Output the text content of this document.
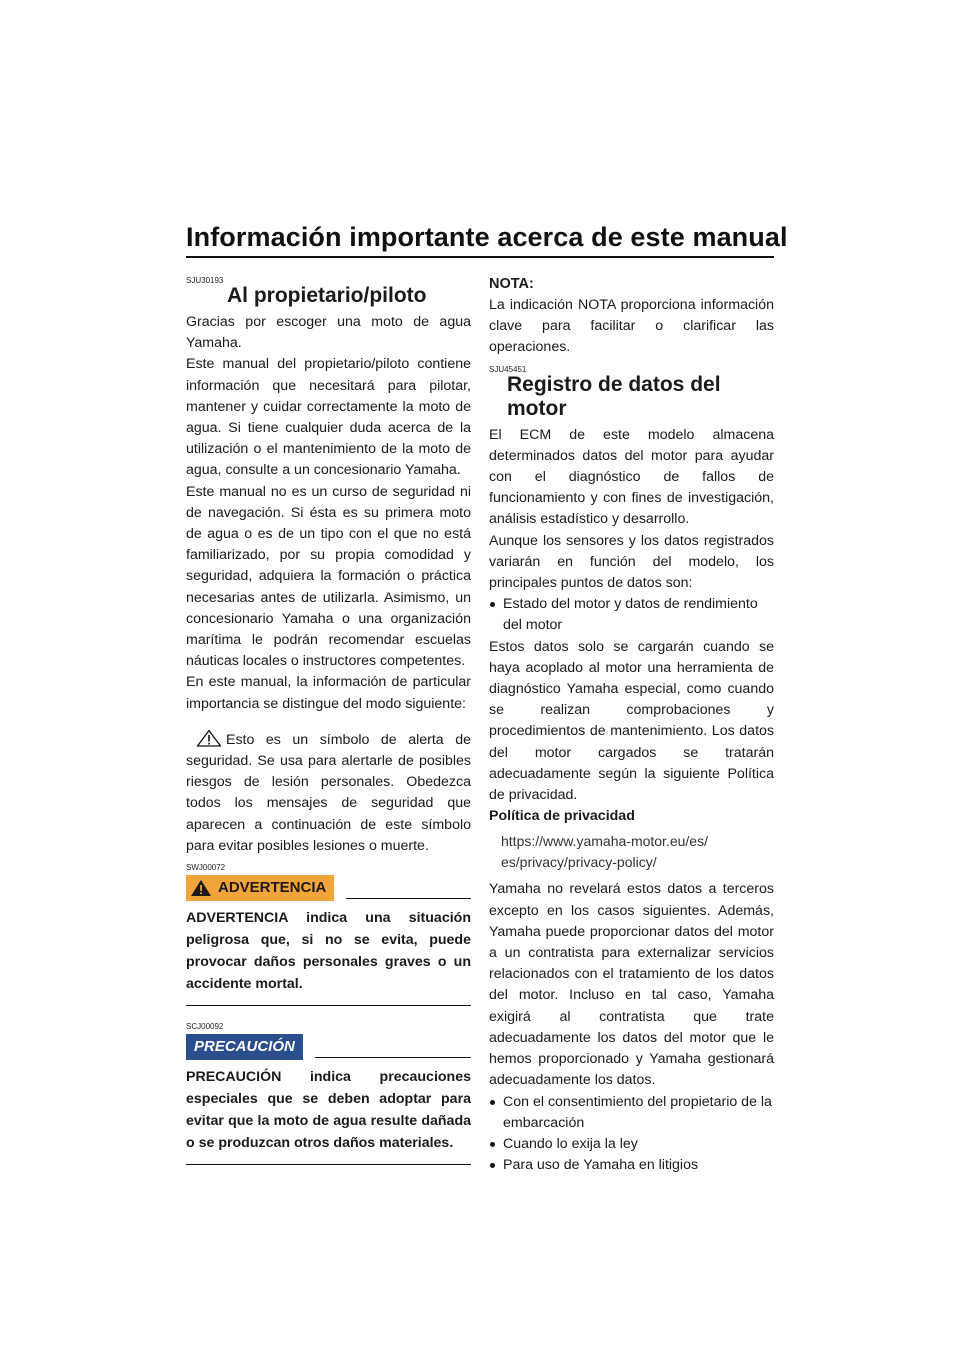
Información importante acerca de este manual
SJU30193
Al propietario/piloto

Gracias por escoger una moto de agua Yamaha.

Este manual del propietario/piloto contiene información que necesitará para pilotar, mantener y cuidar correctamente la moto de agua. Si tiene cualquier duda acerca de la utilización o el mantenimiento de la moto de agua, consulte a un concesionario Yamaha.

Este manual no es un curso de seguridad ni de navegación. Si ésta es su primera moto de agua o es de un tipo con el que no está familiarizado, por su propia comodidad y seguridad, adquiera la formación o práctica necesarias antes de utilizarla. Asimismo, un concesionario Yamaha o una organización marítima le podrán recomendar escuelas náuticas locales o instructores competentes.

En este manual, la información de particular importancia se distingue del modo siguiente:

Esto es un símbolo de alerta de seguridad. Se usa para alertarle de posibles riesgos de lesión personales. Obedezca todos los mensajes de seguridad que aparecen a continuación de este símbolo para evitar posibles lesiones o muerte.

SWJ00072
ADVERTENCIA

ADVERTENCIA indica una situación peligrosa que, si no se evita, puede provocar daños personales graves o un accidente mortal.

SCJ00092
PRECAUCIÓN

PRECAUCIÓN indica precauciones especiales que se deben adoptar para evitar que la moto de agua resulte dañada o se produzcan otros daños materiales.

NOTA:

La indicación NOTA proporciona información clave para facilitar o clarificar las operaciones.

SJU45451
Registro de datos del motor

El ECM de este modelo almacena determinados datos del motor para ayudar con el diagnóstico de fallos de funcionamiento y con fines de investigación, análisis estadístico y desarrollo.

Aunque los sensores y los datos registrados variarán en función del modelo, los principales puntos de datos son:

Estado del motor y datos de rendimiento del motor

Estos datos solo se cargarán cuando se haya acoplado al motor una herramienta de diagnóstico Yamaha especial, como cuando se realizan comprobaciones y procedimientos de mantenimiento. Los datos del motor cargados se tratarán adecuadamente según la siguiente Política de privacidad.

Política de privacidad
https://www.yamaha-motor.eu/es/
es/privacy/privacy-policy/

Yamaha no revelará estos datos a terceros excepto en los casos siguientes. Además, Yamaha puede proporcionar datos del motor a un contratista para externalizar servicios relacionados con el tratamiento de los datos del motor. Incluso en tal caso, Yamaha exigirá al contratista que trate adecuadamente los datos del motor que le hemos proporcionado y Yamaha gestionará adecuadamente los datos.

Con el consentimiento del propietario de la embarcación
Cuando lo exija la ley
Para uso de Yamaha en litigios
carmanualsonline.info
